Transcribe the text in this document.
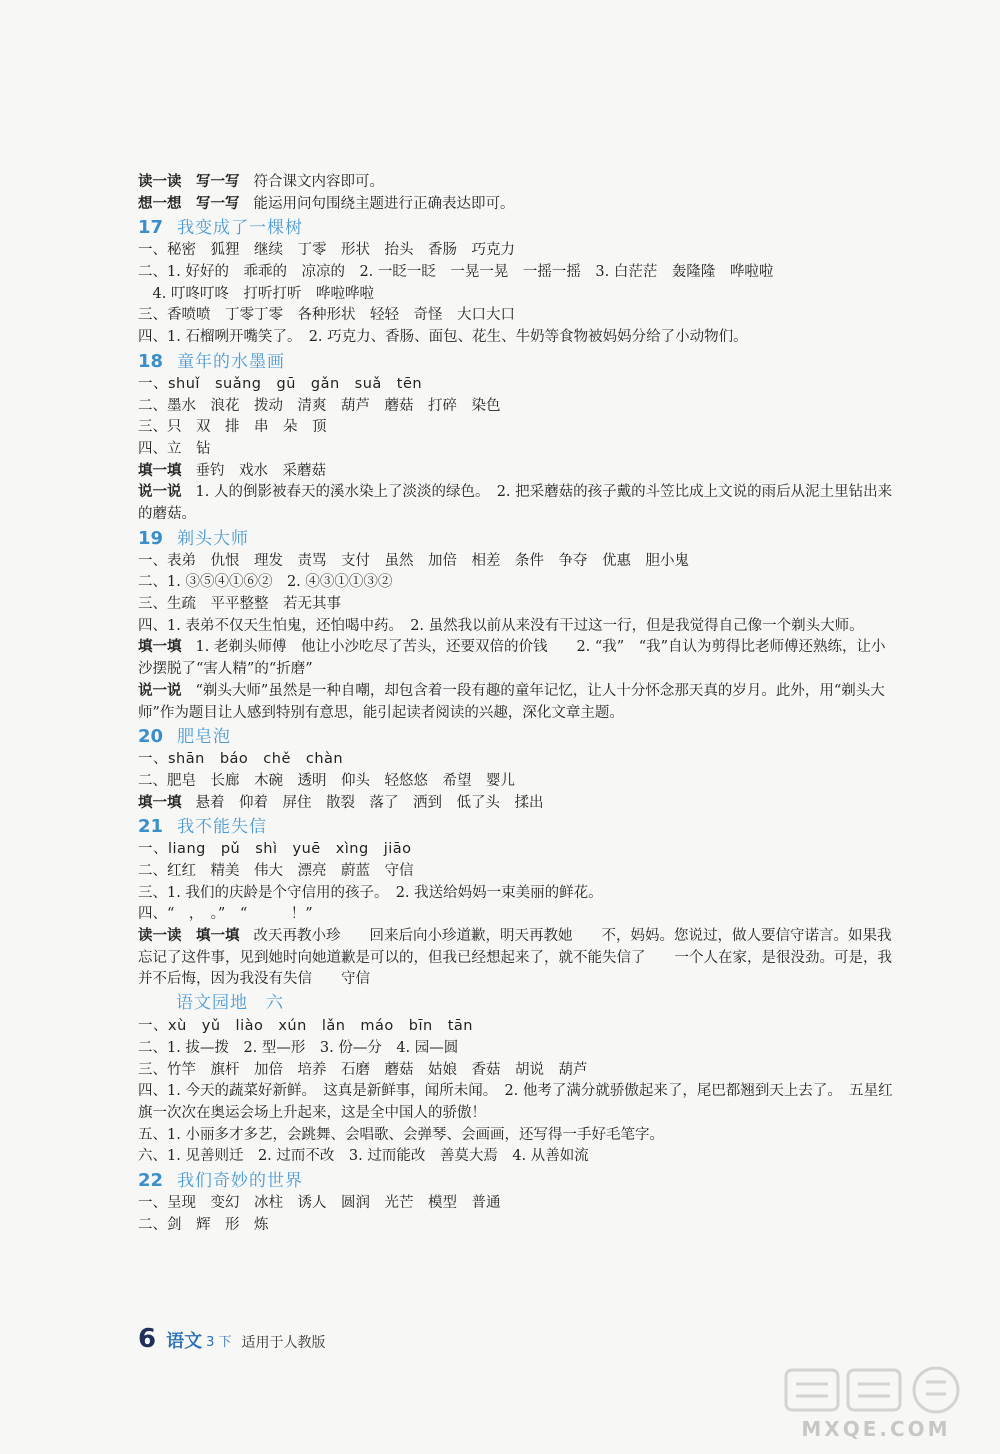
读一读　写一写 符合课文内容即可。
想一想　写一写 能运用问句围绕主题进行正确表达即可。
17 我变成了一棵树
一、秘密　狐狸　继续　丁零　形状　抬头　香肠　巧克力
二、1. 好好的　乖乖的　凉凉的　2. 一眨一眨　一晃一晃　一摇一摇　3. 白茫茫　轰隆隆　哗啦啦
　4. 叮咚叮咚　打听打听　哗啦哗啦
三、香喷喷　丁零丁零　各种形状　轻轻　奇怪　大口大口
四、1. 石榴咧开嘴笑了。　2. 巧克力、香肠、面包、花生、牛奶等食物被妈妈分给了小动物们。
18 童年的水墨画
一、shuǐ　suǎng　gū　gǎn　suǎ　tēn
二、墨水　浪花　拨动　清爽　葫芦　蘑菇　打碎　染色
三、只　双　排　串　朵　顶
四、立　钻
填一填 垂钓　戏水　采蘑菇
说一说 1. 人的倒影被春天的溪水染上了淡淡的绿色。　2. 把采蘑菇的孩子戴的斗笠比成上文说的雨后从泥土里钻出来的蘑菇。
19 剃头大师
一、表弟　仇恨　理发　责骂　支付　虽然　加倍　相差　条件　争夺　优惠　胆小鬼
二、1. ③⑤④①⑥②　2. ④③①①③②
三、生疏　平平整整　若无其事
四、1. 表弟不仅天生怕鬼，还怕喝中药。　2. 虽然我以前从来没有干过这一行，但是我觉得自己像一个剃头大师。
填一填 1. 老剃头师傅　他让小沙吃尽了苦头，还要双倍的价钱　　2. “我”　“我”自认为剪得比老师傅还熟练，让小沙摆脱了“害人精”的“折磨”
说一说 “剃头大师”虽然是一种自嘲，却包含着一段有趣的童年记忆，让人十分怀念那天真的岁月。此外，用“剃头大师”作为题目让人感到特别有意思，能引起读者阅读的兴趣，深化文章主题。
20 肥皂泡
一、shān　báo　chě　chàn
二、肥皂　长廊　木碗　透明　仰头　轻悠悠　希望　婴儿
填一填 悬着　仰着　屏住　散裂　落了　洒到　低了头　揉出
21 我不能失信
一、liang　pǔ　shì　yuē　xìng　jiāo
二、红红　精美　伟大　漂亮　蔚蓝　守信
三、1. 我们的庆龄是个守信用的孩子。　2. 我送给妈妈一束美丽的鲜花。
四、“　，　。”　“　　　！”
读一读　填一填 改天再教小珍　　回来后向小珍道歉，明天再教她　　不，妈妈。您说过，做人要信守诺言。如果我忘记了这件事，见到她时向她道歉是可以的，但我已经想起来了，就不能失信了　　一个人在家，是很没劲。可是，我并不后悔，因为我没有失信　　守信
语文园地　六
一、xù　yǔ　liào　xún　lǎn　máo　bīn　tān
二、1. 拔—拨　2. 型—形　3. 份—分　4. 园—圆
三、竹竿　旗杆　加倍　培养　石磨　蘑菇　姑娘　香菇　胡说　葫芦
四、1. 今天的蔬菜好新鲜。　这真是新鲜事，闻所未闻。　2. 他考了满分就骄傲起来了，尾巴都翘到天上去了。　五星红旗一次次在奥运会场上升起来，这是全中国人的骄傲！
五、1. 小丽多才多艺，会跳舞、会唱歌、会弹琴、会画画，还写得一手好毛笔字。
六、1. 见善则迁　2. 过而不改　3. 过而能改　善莫大焉　4. 从善如流
22 我们奇妙的世界
一、呈现　变幻　冰柱　诱人　圆润　光芒　模型　普通
二、剑　辉　形　炼
6 语文 3 下 适用于人教版
MXQE.COM
